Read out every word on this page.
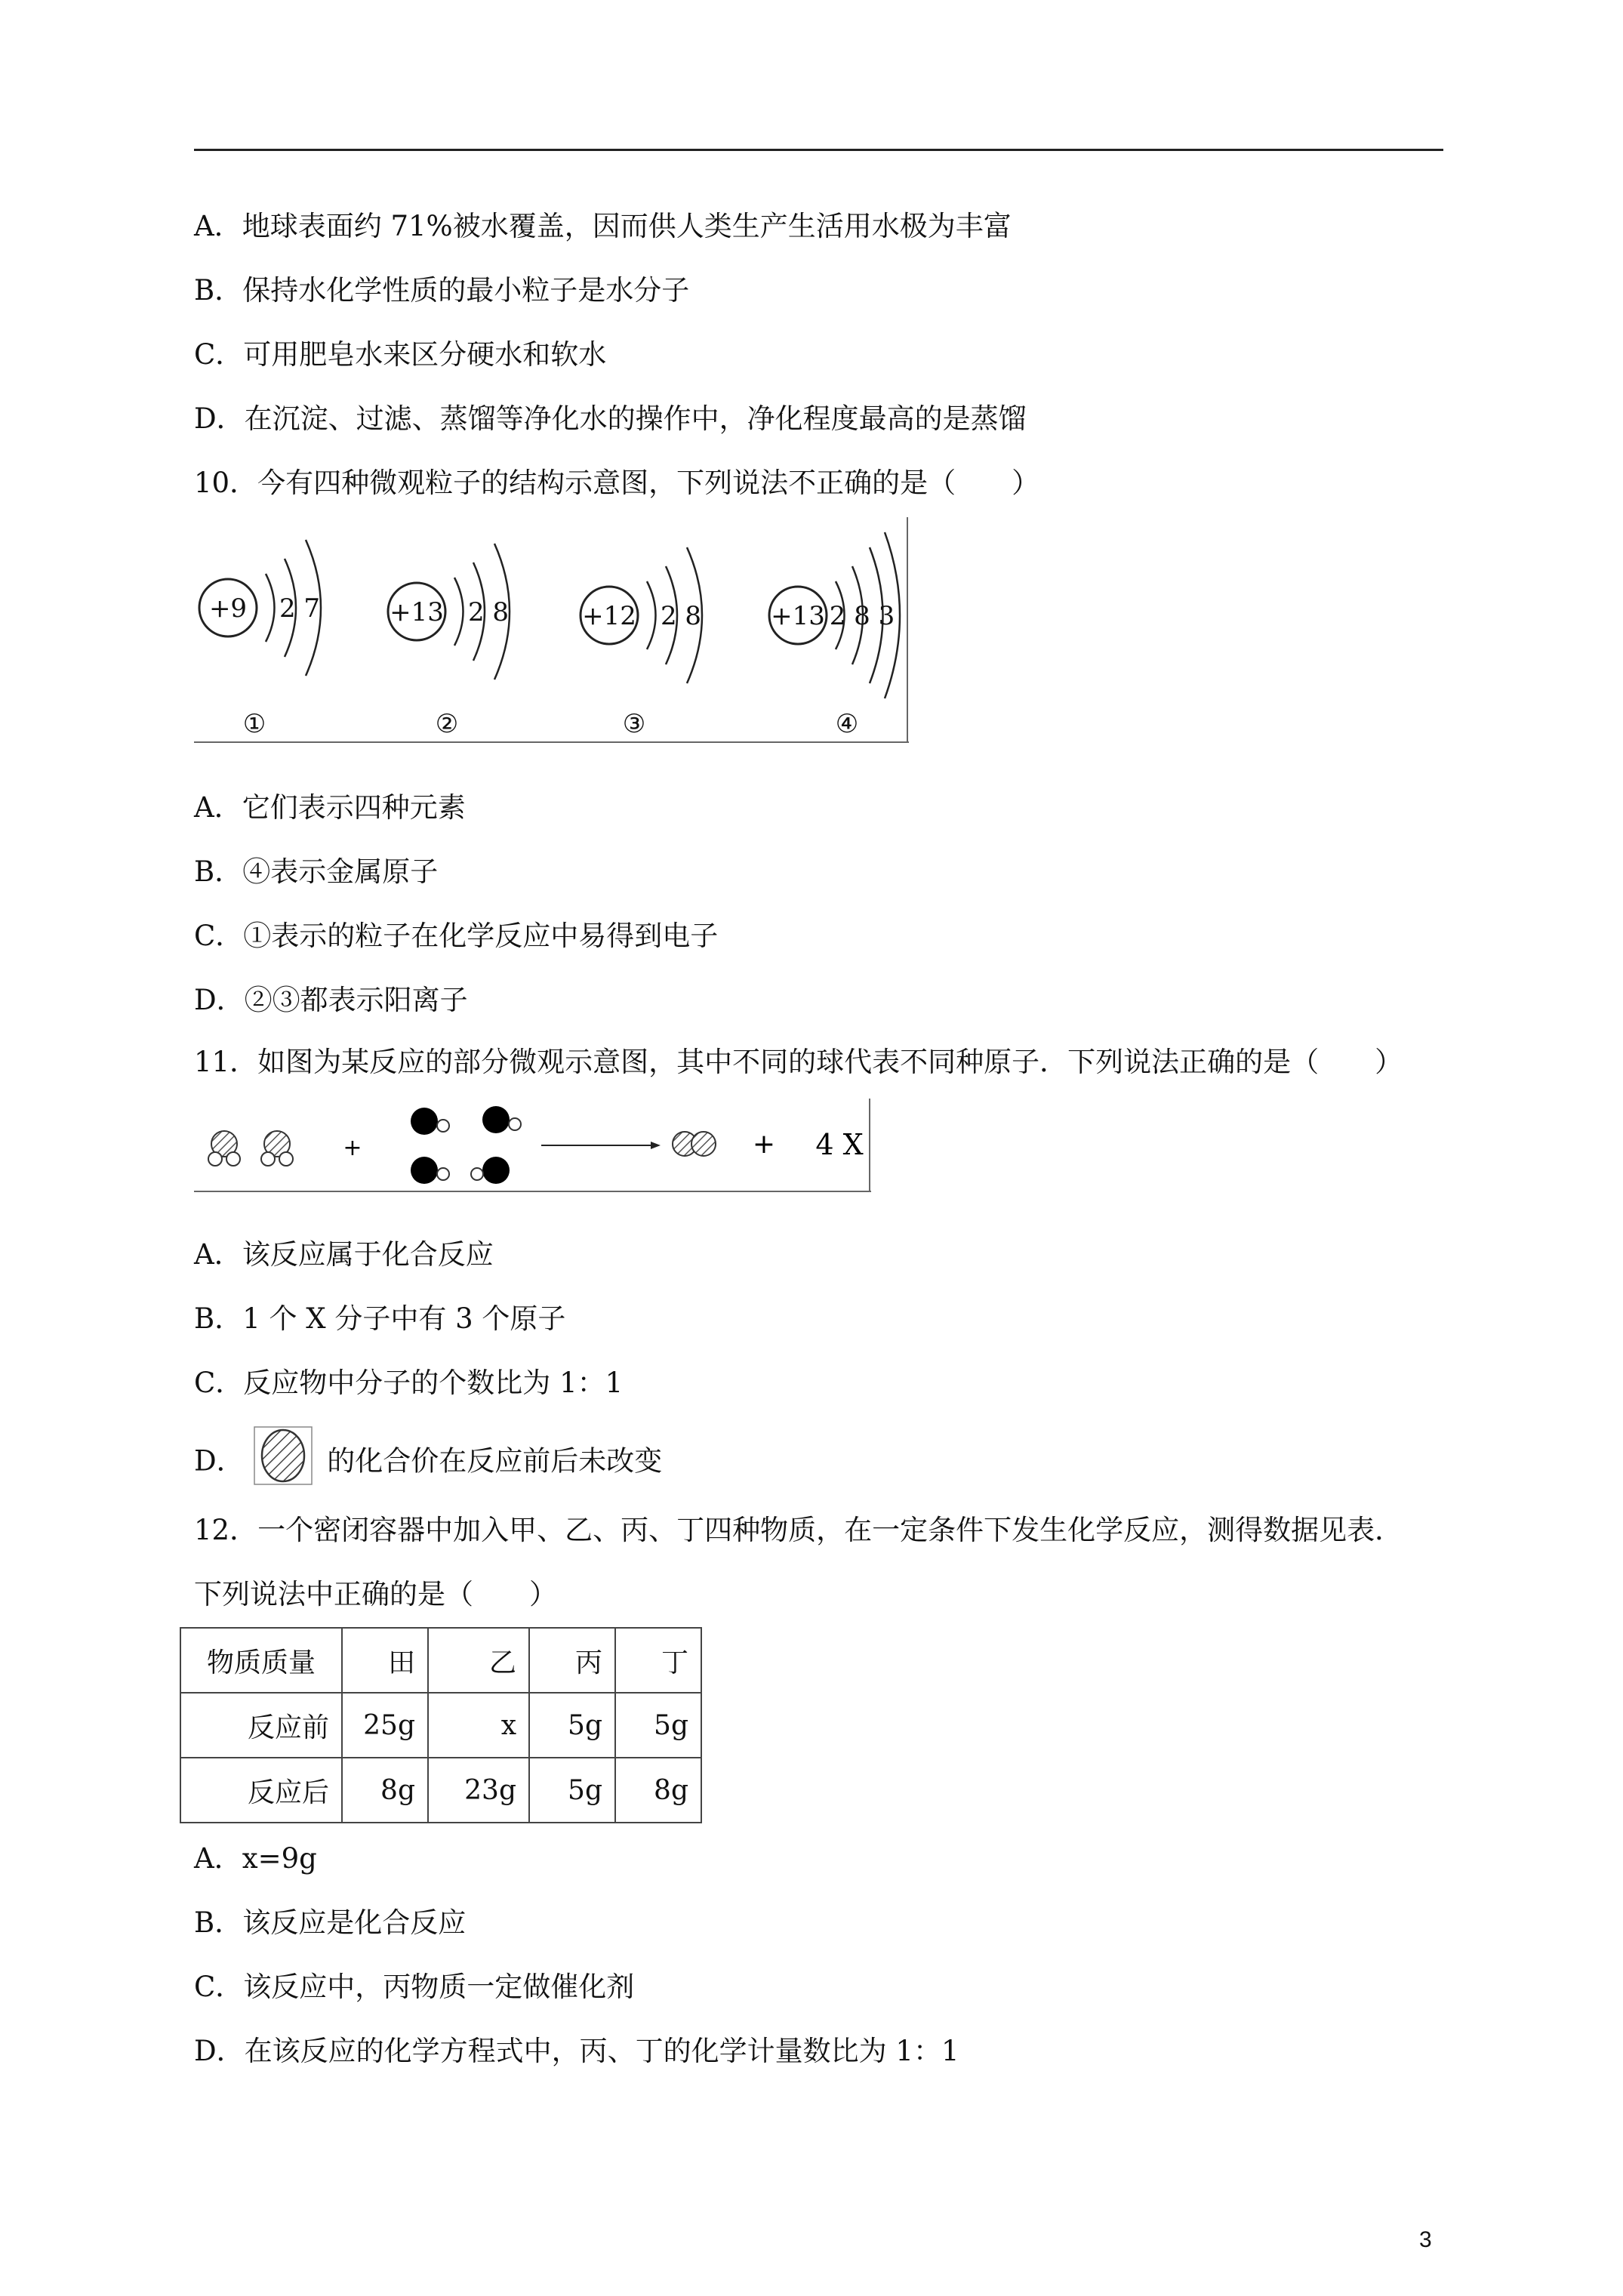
A．地球表面约 71%被水覆盖，因而供人类生产生活用水极为丰富
B．保持水化学性质的最小粒子是水分子
C．可用肥皂水来区分硬水和软水
D．在沉淀、过滤、蒸馏等净化水的操作中，净化程度最高的是蒸馏
10．今有四种微观粒子的结构示意图，下列说法不正确的是（　　）
+9 2 7
①
+13 2 8
②
+12 2 8
③
+13 2 8 3
④
A．它们表示四种元素
B．④表示金属原子
C．①表示的粒子在化学反应中易得到电子
D．②③都表示阳离子
11．如图为某反应的部分微观示意图，其中不同的球代表不同种原子．下列说法正确的是（　　）
+	+ 4 X
A．该反应属于化合反应
B．1 个 X 分子中有 3 个原子
C．反应物中分子的个数比为 1：1
D．	的化合价在反应前后未改变
12．一个密闭容器中加入甲、乙、丙、丁四种物质，在一定条件下发生化学反应，测得数据见表．
下列说法中正确的是（　　）
物质质量	田	乙	丙	丁
反应前	25g	x	5g	5g
反应后	8g	23g	5g	8g
A．x=9g
B．该反应是化合反应
C．该反应中，丙物质一定做催化剂
D．在该反应的化学方程式中，丙、丁的化学计量数比为 1：1
3
